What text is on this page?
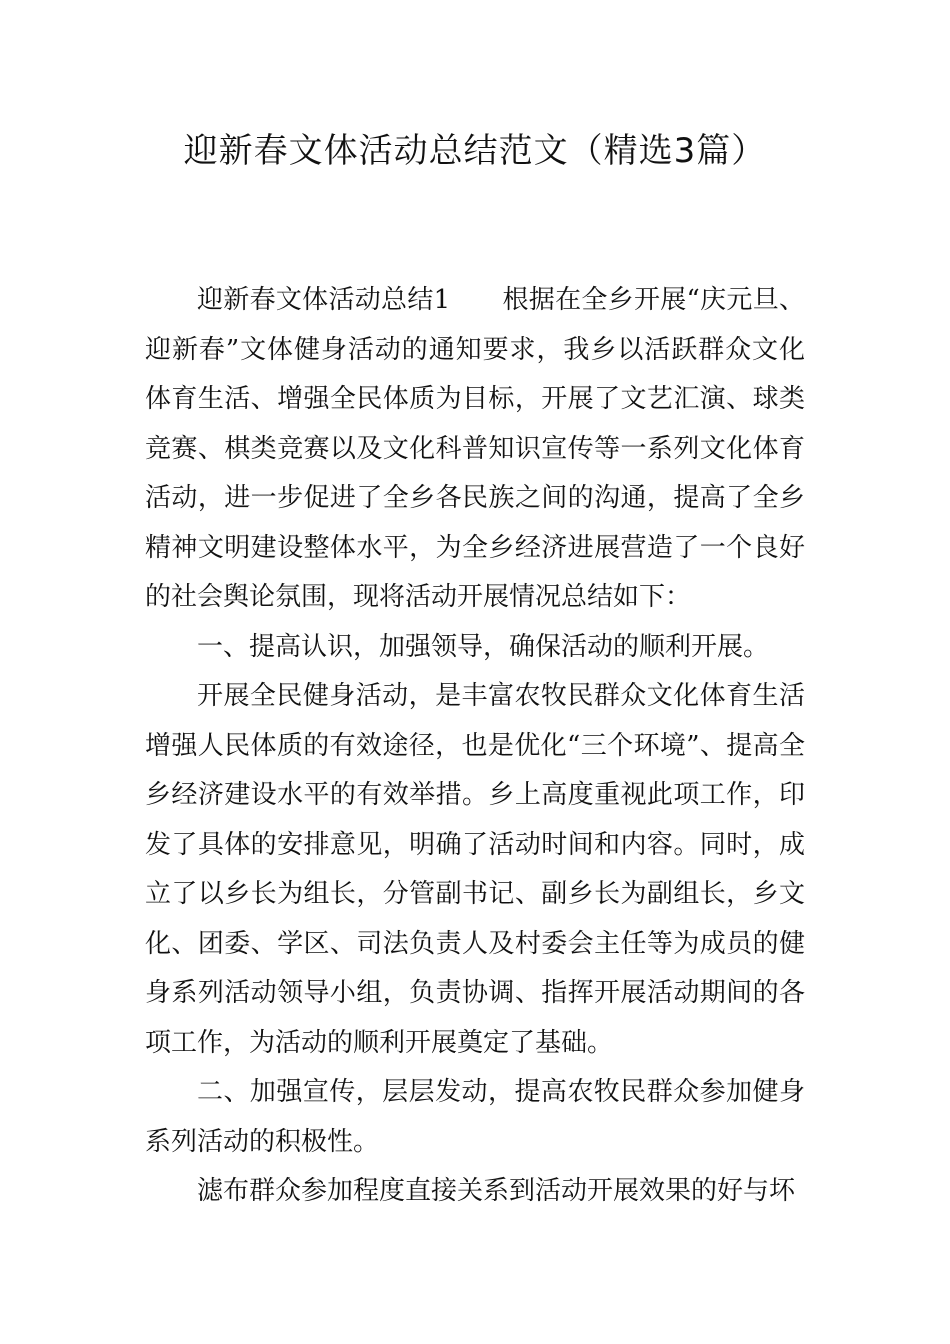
迎新春文体活动总结范文（精选3篇）

迎新春文体活动总结1 根据在全乡开展“庆元旦、迎新春”文体健身活动的通知要求，我乡以活跃群众文化体育生活、增强全民体质为目标，开展了文艺汇演、球类竞赛、棋类竞赛以及文化科普知识宣传等一系列文化体育活动，进一步促进了全乡各民族之间的沟通，提高了全乡精神文明建设整体水平，为全乡经济进展营造了一个良好的社会舆论氛围，现将活动开展情况总结如下：

一、提高认识，加强领导，确保活动的顺利开展。

开展全民健身活动，是丰富农牧民群众文化体育生活增强人民体质的有效途径，也是优化“三个环境”、提高全乡经济建设水平的有效举措。乡上高度重视此项工作，印发了具体的安排意见，明确了活动时间和内容。同时，成立了以乡长为组长，分管副书记、副乡长为副组长，乡文化、团委、学区、司法负责人及村委会主任等为成员的健身系列活动领导小组，负责协调、指挥开展活动期间的各项工作，为活动的顺利开展奠定了基础。

二、加强宣传，层层发动，提高农牧民群众参加健身系列活动的积极性。

滤布群众参加程度直接关系到活动开展效果的好与坏
